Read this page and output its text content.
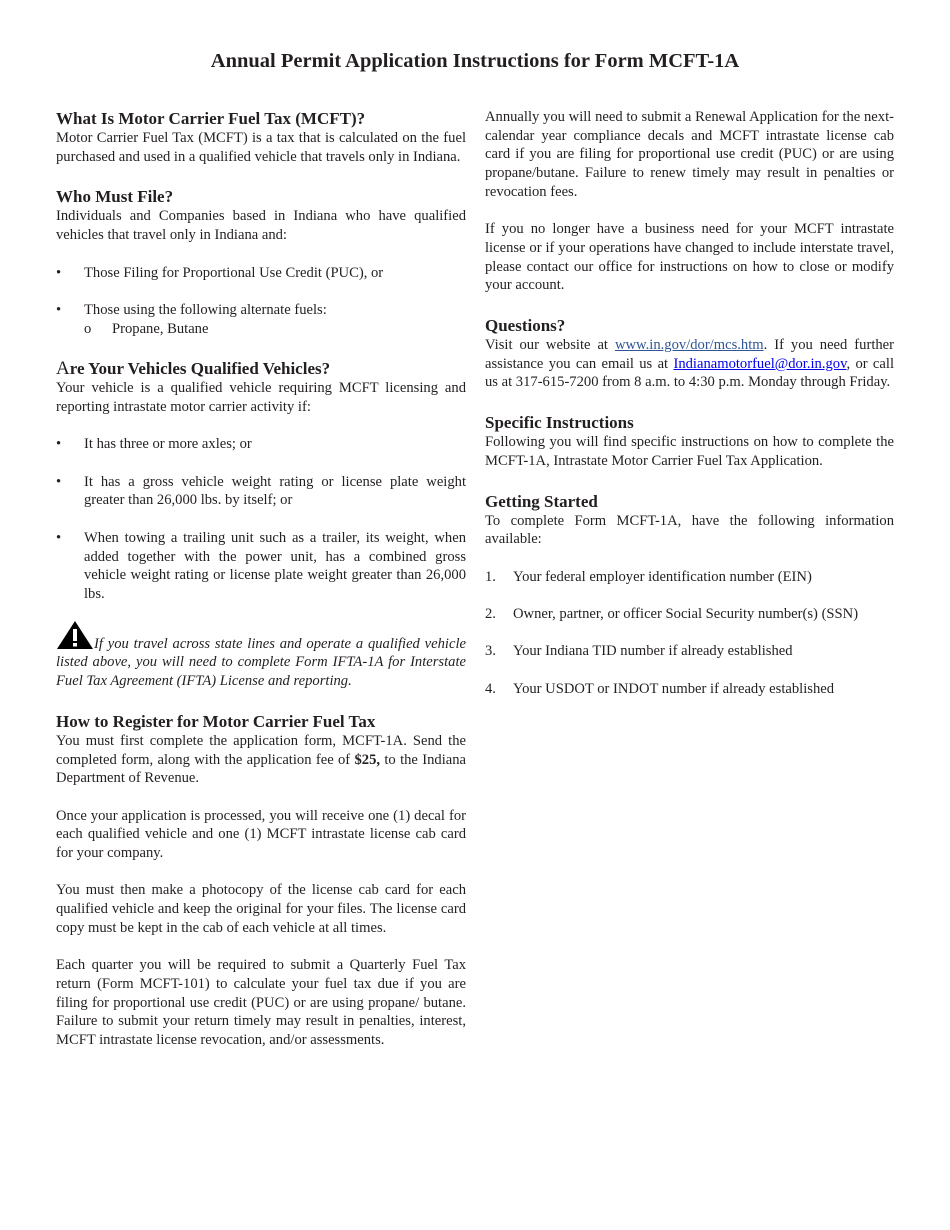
Annual Permit Application Instructions for Form MCFT-1A
What Is Motor Carrier Fuel Tax (MCFT)?

Motor Carrier Fuel Tax (MCFT) is a tax that is calculated on the fuel purchased and used in a qualified vehicle that travels only in Indiana.

Who Must File?

Individuals and Companies based in Indiana who have qualified vehicles that travel only in Indiana and:

• Those Filing for Proportional Use Credit (PUC), or
• Those using the following alternate fuels:
o Propane, Butane
Are Your Vehicles Qualified Vehicles?

Your vehicle is a qualified vehicle requiring MCFT licensing and reporting intrastate motor carrier activity if:

• It has three or more axles; or
• It has a gross vehicle weight rating or license plate weight greater than 26,000 lbs. by itself; or
• When towing a trailing unit such as a trailer, its weight, when added together with the power unit, has a combined gross vehicle weight rating or license plate weight greater than 26,000 lbs.

If you travel across state lines and operate a qualified vehicle listed above, you will need to complete Form IFTA-1A for Interstate Fuel Tax Agreement (IFTA) License and reporting.

How to Register for Motor Carrier Fuel Tax

You must first complete the application form, MCFT-1A. Send the completed form, along with the application fee of $25, to the Indiana Department of Revenue.

Once your application is processed, you will receive one (1) decal for each qualified vehicle and one (1) MCFT intrastate license cab card for your company.

You must then make a photocopy of the license cab card for each qualified vehicle and keep the original for your files. The license card copy must be kept in the cab of each vehicle at all times.

Each quarter you will be required to submit a Quarterly Fuel Tax return (Form MCFT-101) to calculate your fuel tax due if you are filing for proportional use credit (PUC) or are using propane/ butane. Failure to submit your return timely may result in penalties, interest, MCFT intrastate license revocation, and/or assessments.

Annually you will need to submit a Renewal Application for the next-calendar year compliance decals and MCFT intrastate license cab card if you are filing for proportional use credit (PUC) or are using propane/butane. Failure to renew timely may result in penalties or revocation fees.

If you no longer have a business need for your MCFT intrastate license or if your operations have changed to include interstate travel, please contact our office for instructions on how to close or modify your account.

Questions?

Visit our website at www.in.gov/dor/mcs.htm. If you need further assistance you can email us at Indianamotorfuel@dor.in.gov, or call us at 317-615-7200 from 8 a.m. to 4:30 p.m. Monday through Friday.

Specific Instructions

Following you will find specific instructions on how to complete the MCFT-1A, Intrastate Motor Carrier Fuel Tax Application.

Getting Started

To complete Form MCFT-1A, have the following information available:

1. Your federal employer identification number (EIN)
2. Owner, partner, or officer Social Security number(s) (SSN)
3. Your Indiana TID number if already established
4. Your USDOT or INDOT number if already established
